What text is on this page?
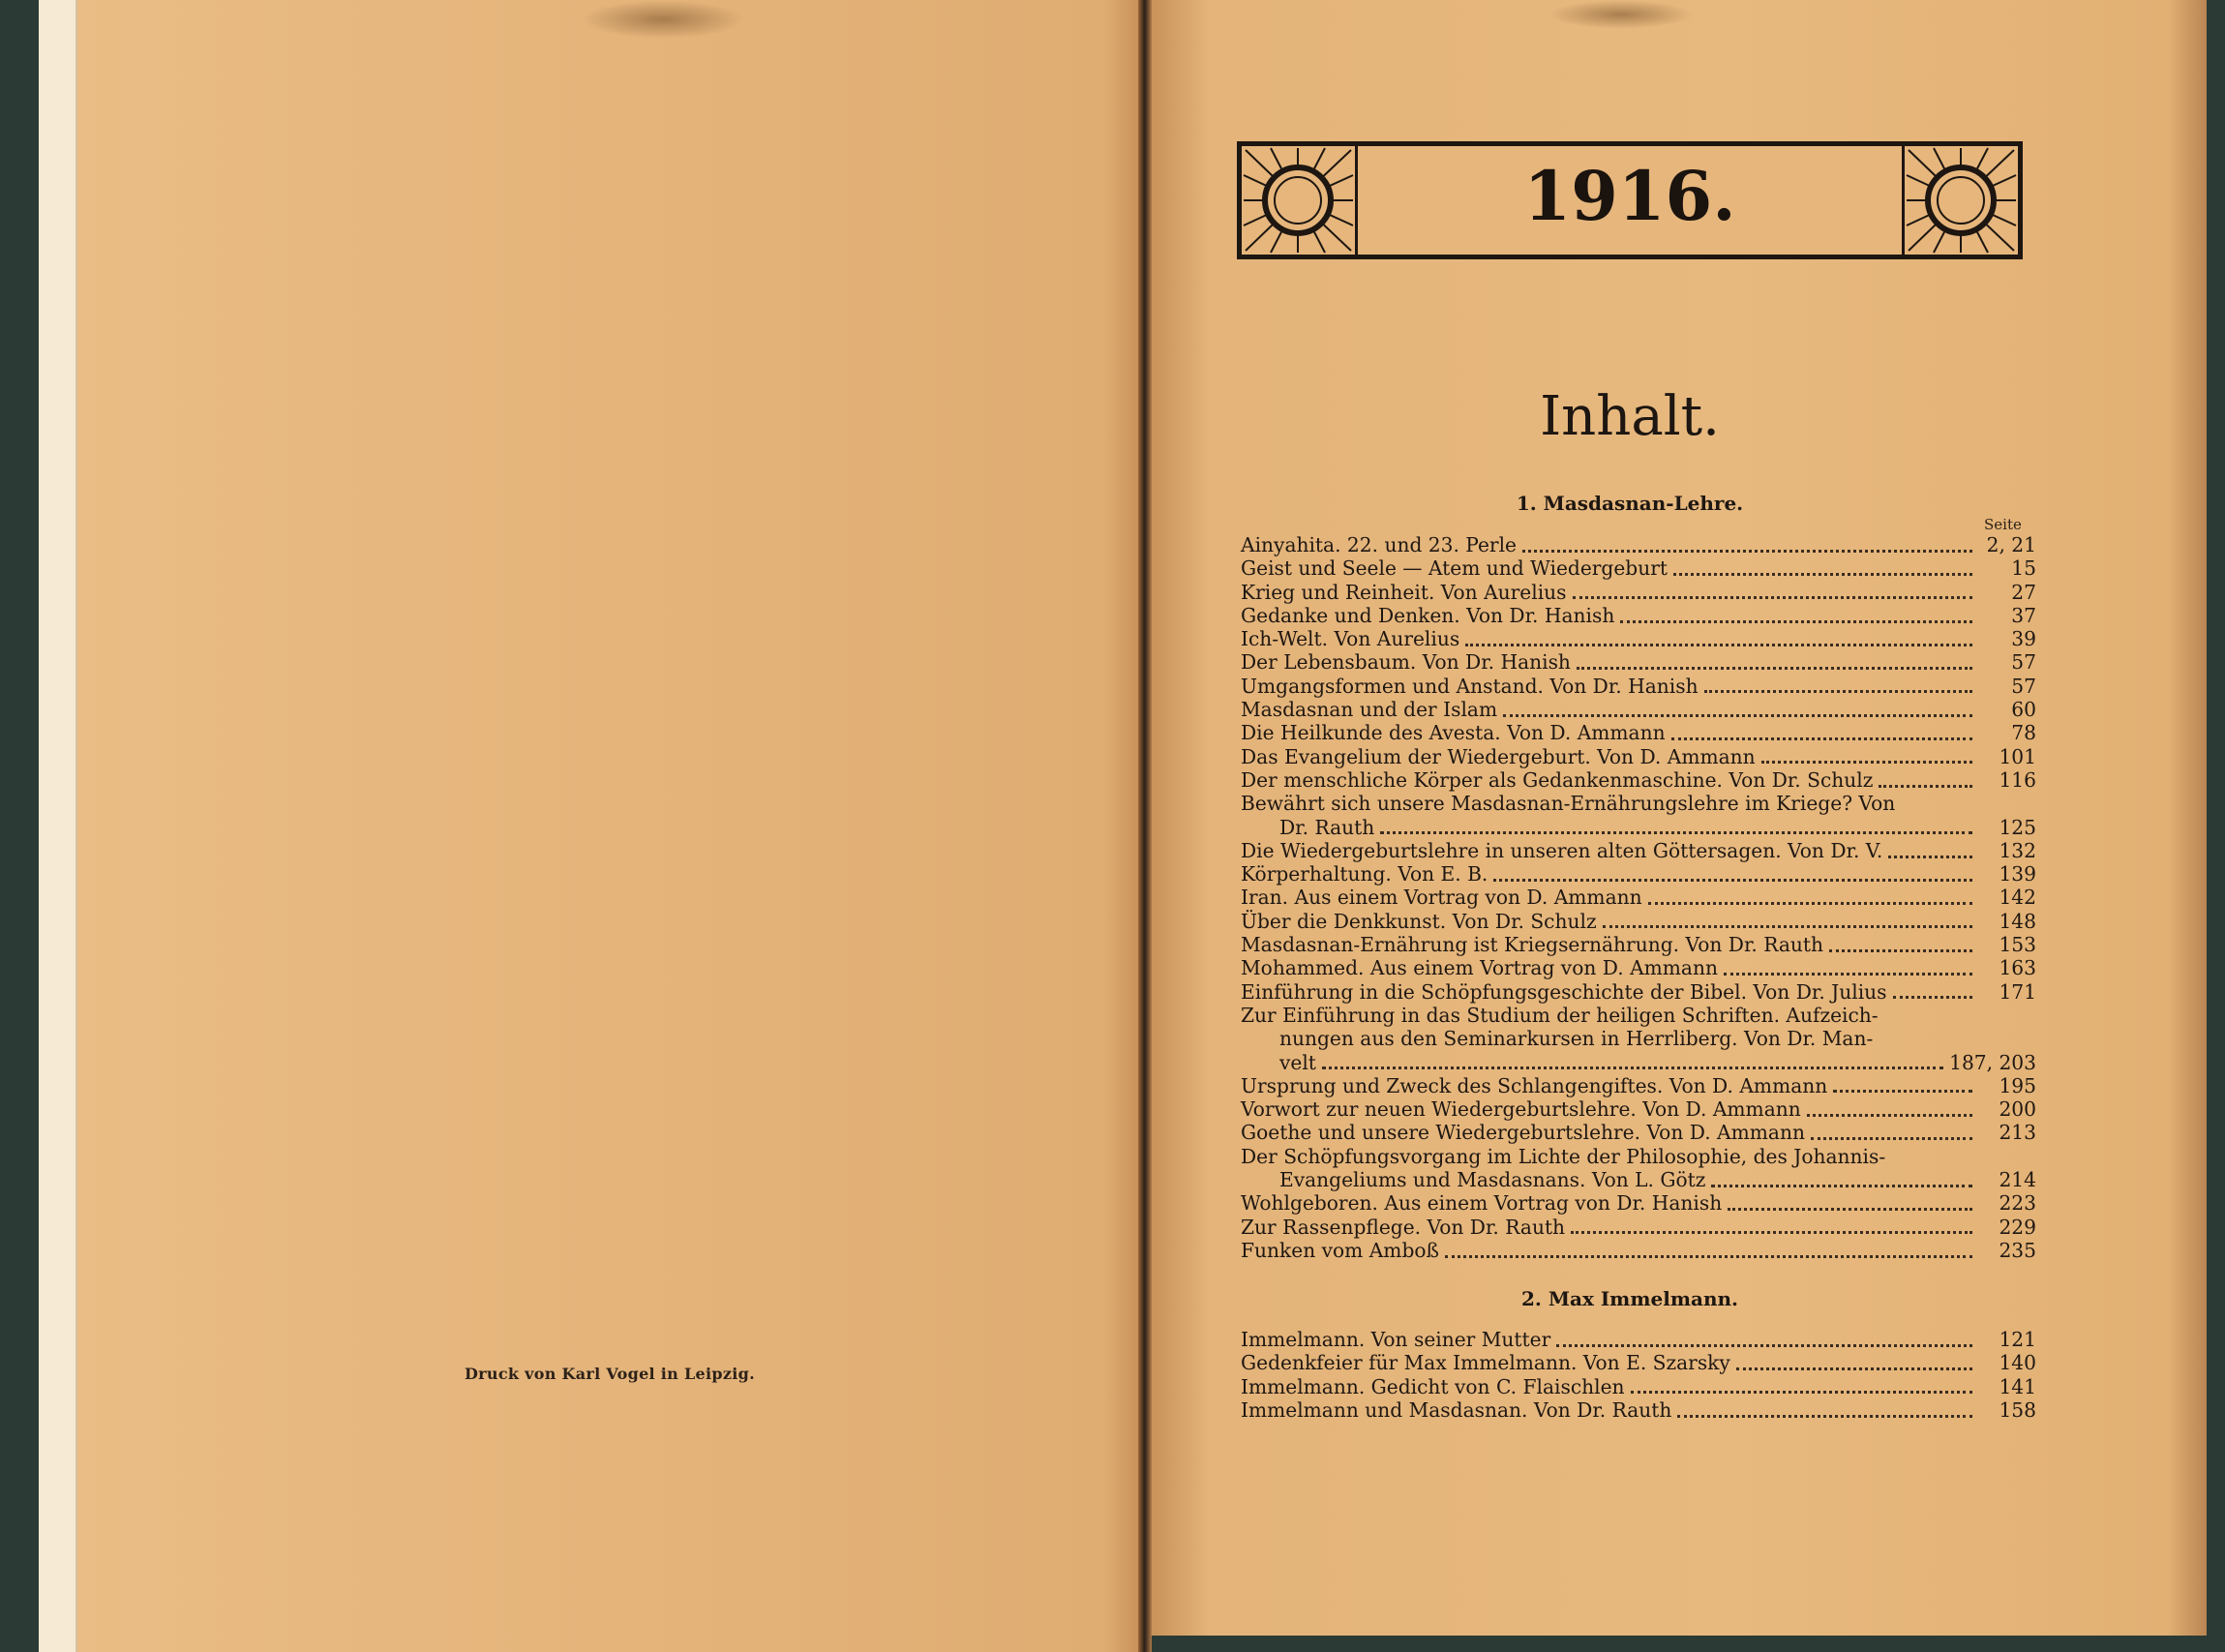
Druck von Karl Vogel in Leipzig.
1916.
Inhalt.
1. Masdasnan-Lehre.
Seite
Ainyahita. 22. und 23. Perle	2, 21
Geist und Seele — Atem und Wiedergeburt	15
Krieg und Reinheit. Von Aurelius	27
Gedanke und Denken. Von Dr. Hanish	37
Ich-Welt. Von Aurelius	39
Der Lebensbaum. Von Dr. Hanish	57
Umgangsformen und Anstand. Von Dr. Hanish	57
Masdasnan und der Islam	60
Die Heilkunde des Avesta. Von D. Ammann	78
Das Evangelium der Wiedergeburt. Von D. Ammann	101
Der menschliche Körper als Gedankenmaschine. Von Dr. Schulz	116
Bewährt sich unsere Masdasnan-Ernährungslehre im Kriege? Von
Dr. Rauth	125
Die Wiedergeburtslehre in unseren alten Göttersagen. Von Dr. V.	132
Körperhaltung. Von E. B.	139
Iran. Aus einem Vortrag von D. Ammann	142
Über die Denkkunst. Von Dr. Schulz	148
Masdasnan-Ernährung ist Kriegsernährung. Von Dr. Rauth	153
Mohammed. Aus einem Vortrag von D. Ammann	163
Einführung in die Schöpfungsgeschichte der Bibel. Von Dr. Julius	171
Zur Einführung in das Studium der heiligen Schriften. Aufzeich-
nungen aus den Seminarkursen in Herrliberg. Von Dr. Man-
velt	187, 203
Ursprung und Zweck des Schlangengiftes. Von D. Ammann	195
Vorwort zur neuen Wiedergeburtslehre. Von D. Ammann	200
Goethe und unsere Wiedergeburtslehre. Von D. Ammann	213
Der Schöpfungsvorgang im Lichte der Philosophie, des Johannis-
Evangeliums und Masdasnans. Von L. Götz	214
Wohlgeboren. Aus einem Vortrag von Dr. Hanish	223
Zur Rassenpflege. Von Dr. Rauth	229
Funken vom Amboß	235
2. Max Immelmann.
Immelmann. Von seiner Mutter	121
Gedenkfeier für Max Immelmann. Von E. Szarsky	140
Immelmann. Gedicht von C. Flaischlen	141
Immelmann und Masdasnan. Von Dr. Rauth	158
